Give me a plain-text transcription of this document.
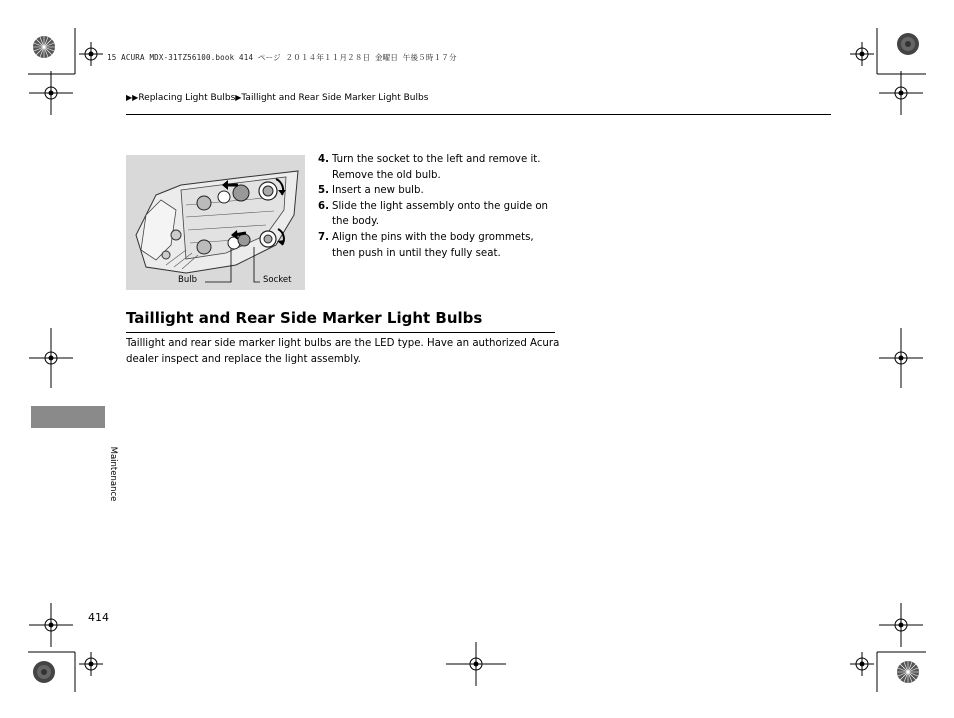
15 ACURA MDX-31TZ56100.book 414 ページ ２０１４年１１月２８日 金曜日 午後５時１７分
▶▶Replacing Light Bulbs▶Taillight and Rear Side Marker Light Bulbs
Bulb	Socket
4. Turn the socket to the left and remove it. Remove the old bulb.
5. Insert a new bulb.
6. Slide the light assembly onto the guide on the body.
7. Align the pins with the body grommets, then push in until they fully seat.
Taillight and Rear Side Marker Light Bulbs

Taillight and rear side marker light bulbs are the LED type. Have an authorized Acura dealer inspect and replace the light assembly.

Maintenance
414
